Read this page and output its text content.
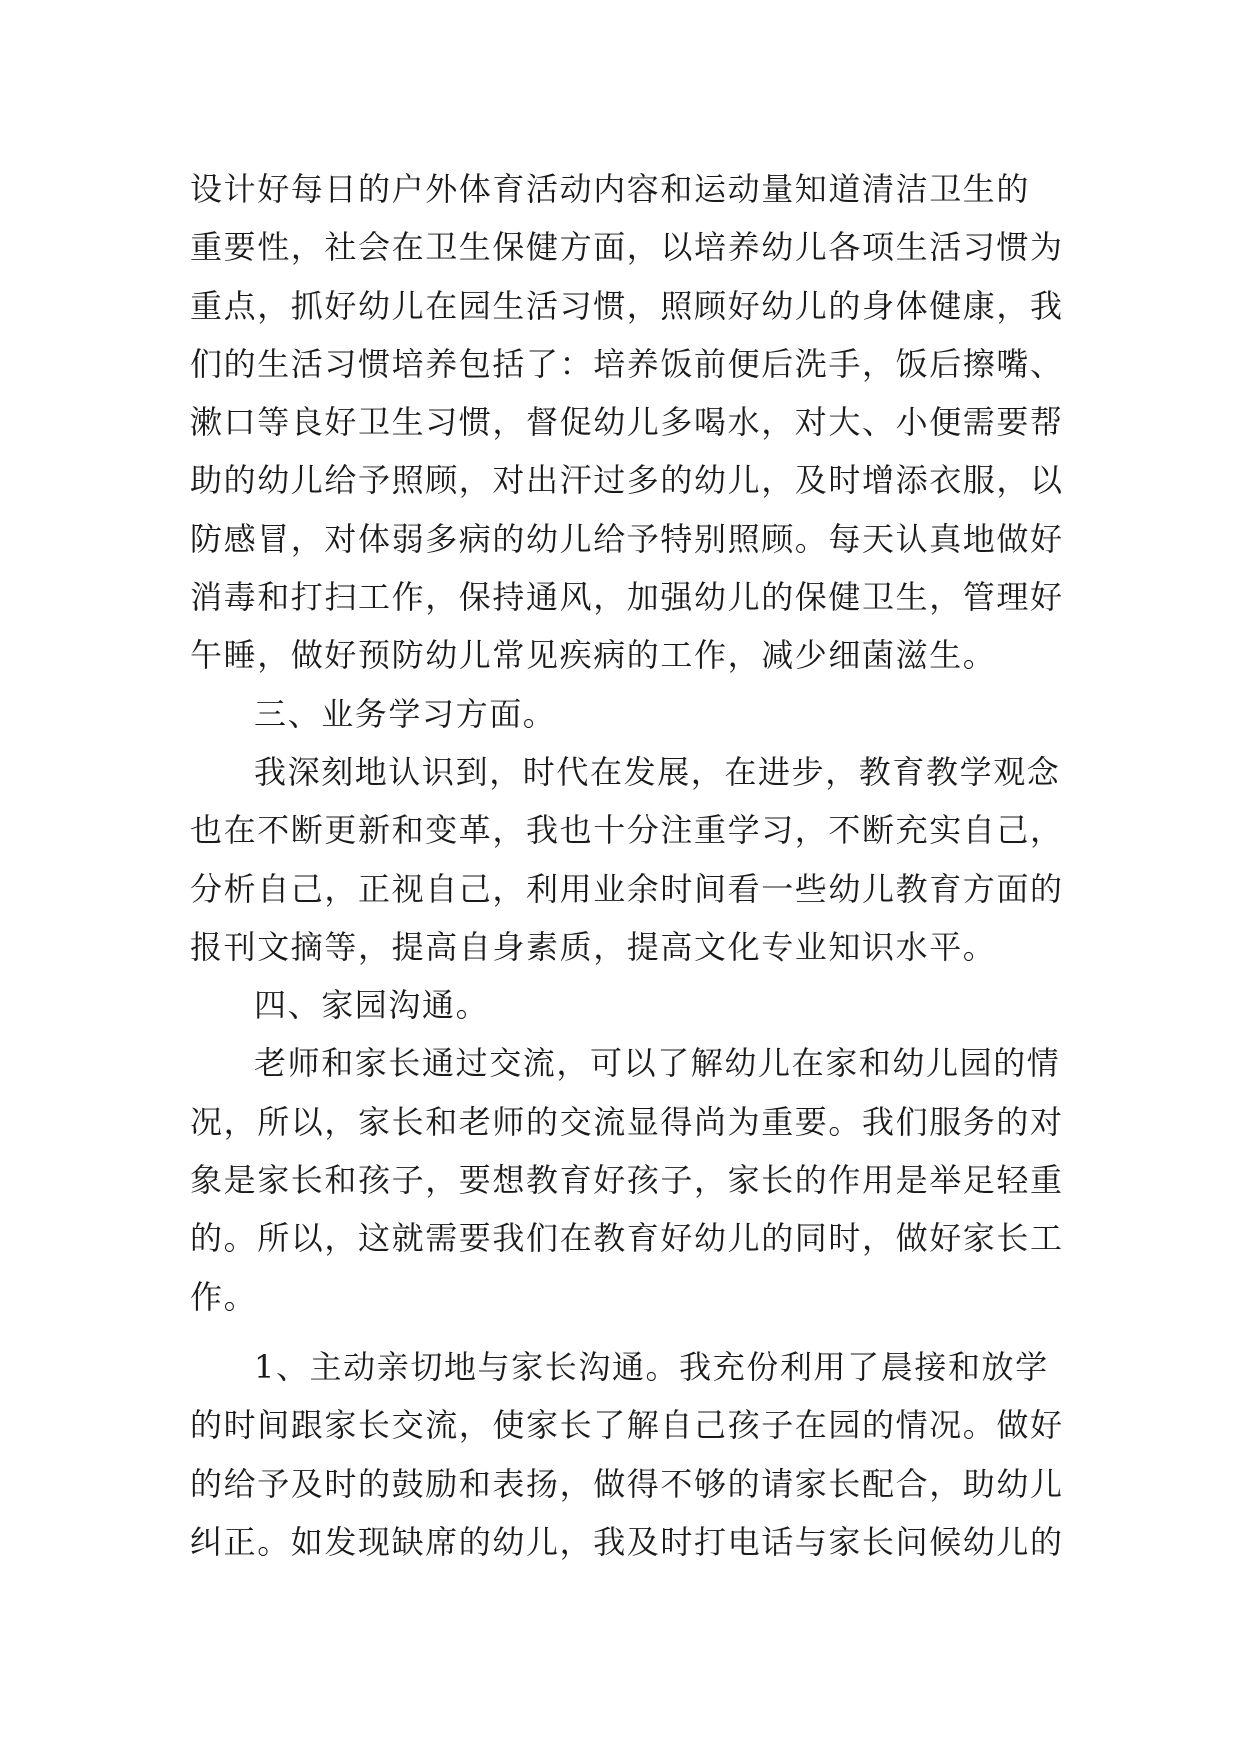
设计好每日的户外体育活动内容和运动量知道清洁卫生的
重要性，社会在卫生保健方面，以培养幼儿各项生活习惯为
重点，抓好幼儿在园生活习惯，照顾好幼儿的身体健康，我
们的生活习惯培养包括了：培养饭前便后洗手，饭后擦嘴、
漱口等良好卫生习惯，督促幼儿多喝水，对大、小便需要帮
助的幼儿给予照顾，对出汗过多的幼儿，及时增添衣服，以
防感冒，对体弱多病的幼儿给予特别照顾。每天认真地做好
消毒和打扫工作，保持通风，加强幼儿的保健卫生，管理好
午睡，做好预防幼儿常见疾病的工作，减少细菌滋生。
三、业务学习方面。
我深刻地认识到，时代在发展，在进步，教育教学观念
也在不断更新和变革，我也十分注重学习，不断充实自己，
分析自己，正视自己，利用业余时间看一些幼儿教育方面的
报刊文摘等，提高自身素质，提高文化专业知识水平。
四、家园沟通。
老师和家长通过交流，可以了解幼儿在家和幼儿园的情
况，所以，家长和老师的交流显得尚为重要。我们服务的对
象是家长和孩子，要想教育好孩子，家长的作用是举足轻重
的。所以，这就需要我们在教育好幼儿的同时，做好家长工
作。
1、主动亲切地与家长沟通。我充份利用了晨接和放学
的时间跟家长交流，使家长了解自己孩子在园的情况。做好
的给予及时的鼓励和表扬，做得不够的请家长配合，助幼儿
纠正。如发现缺席的幼儿，我及时打电话与家长问候幼儿的
